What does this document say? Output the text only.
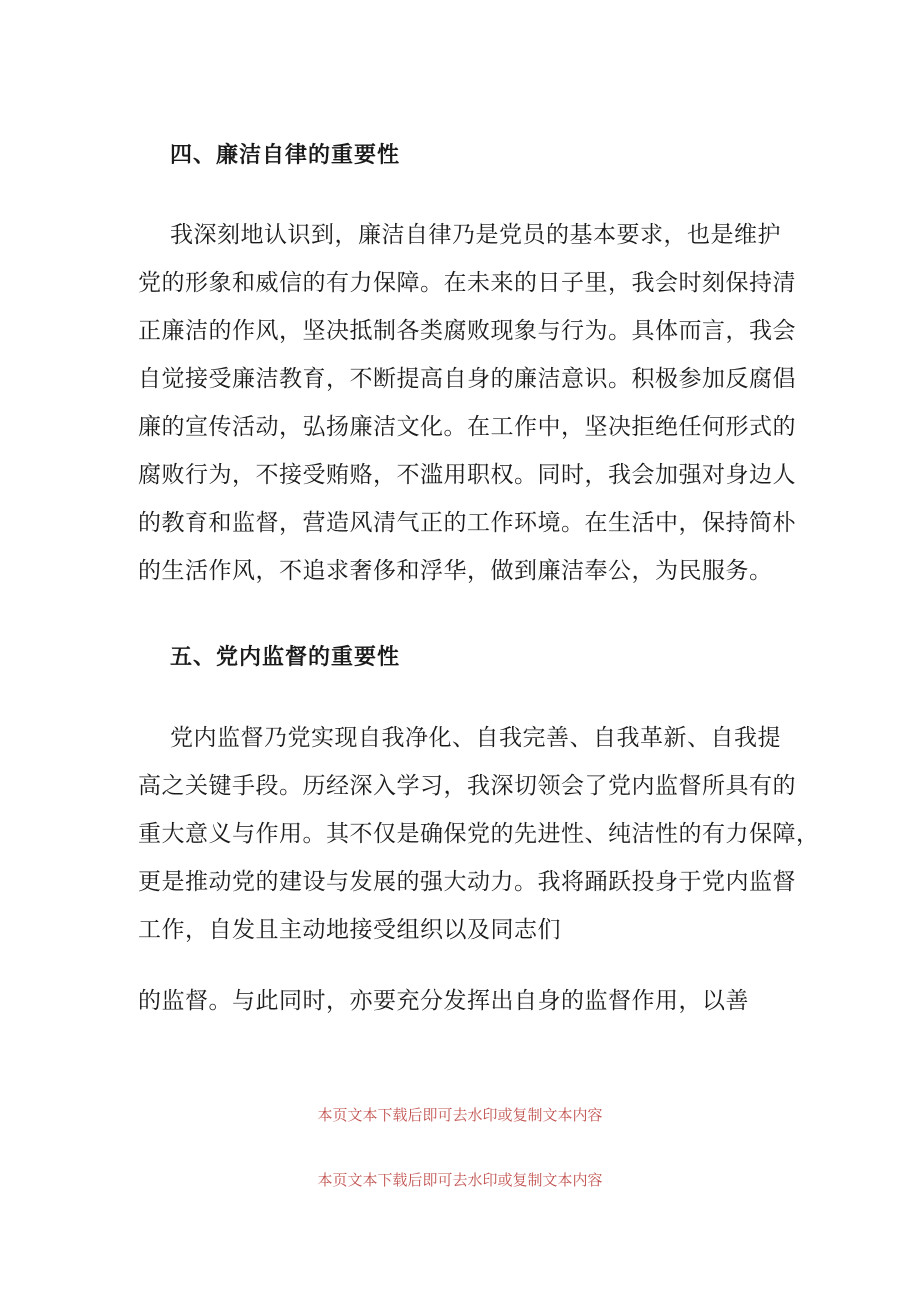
四、廉洁自律的重要性
我深刻地认识到，廉洁自律乃是党员的基本要求，也是维护
党的形象和威信的有力保障。在未来的日子里，我会时刻保持清
正廉洁的作风，坚决抵制各类腐败现象与行为。具体而言，我会
自觉接受廉洁教育，不断提高自身的廉洁意识。积极参加反腐倡
廉的宣传活动，弘扬廉洁文化。在工作中，坚决拒绝任何形式的
腐败行为，不接受贿赂，不滥用职权。同时，我会加强对身边人
的教育和监督，营造风清气正的工作环境。在生活中，保持简朴
的生活作风，不追求奢侈和浮华，做到廉洁奉公，为民服务。
五、党内监督的重要性
党内监督乃党实现自我净化、自我完善、自我革新、自我提
高之关键手段。历经深入学习，我深切领会了党内监督所具有的
重大意义与作用。其不仅是确保党的先进性、纯洁性的有力保障，
更是推动党的建设与发展的强大动力。我将踊跃投身于党内监督
工作，自发且主动地接受组织以及同志们
的监督。与此同时，亦要充分发挥出自身的监督作用，以善
本页文本下载后即可去水印或复制文本内容
本页文本下载后即可去水印或复制文本内容
